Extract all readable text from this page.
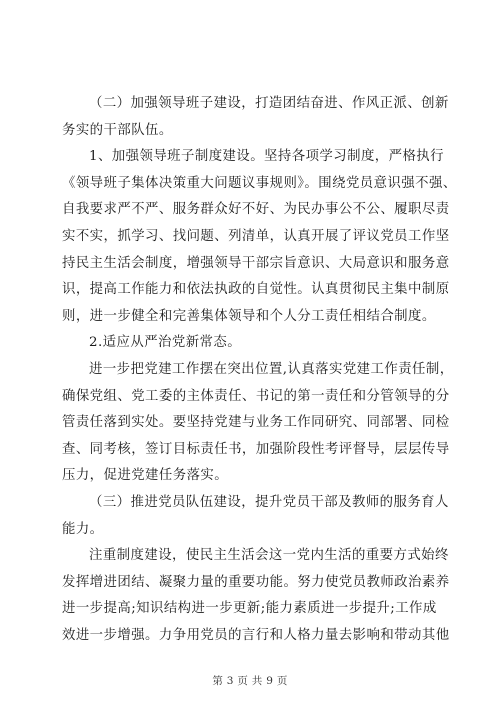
（二）加强领导班子建设，打造团结奋进、作风正派、创新
务实的干部队伍。
1、加强领导班子制度建设。坚持各项学习制度，严格执行
《领导班子集体决策重大问题议事规则》。围绕党员意识强不强、
自我要求严不严、服务群众好不好、为民办事公不公、履职尽责
实不实，抓学习、找问题、列清单，认真开展了评议党员工作坚
持民主生活会制度，增强领导干部宗旨意识、大局意识和服务意
识，提高工作能力和依法执政的自觉性。认真贯彻民主集中制原
则，进一步健全和完善集体领导和个人分工责任相结合制度。
2.适应从严治党新常态。
进一步把党建工作摆在突出位置,认真落实党建工作责任制，
确保党组、党工委的主体责任、书记的第一责任和分管领导的分
管责任落到实处。要坚持党建与业务工作同研究、同部署、同检
查、同考核，签订目标责任书，加强阶段性考评督导，层层传导
压力，促进党建任务落实。
（三）推进党员队伍建设，提升党员干部及教师的服务育人
能力。
注重制度建设，使民主生活会这一党内生活的重要方式始终
发挥增进团结、凝聚力量的重要功能。努力使党员教师政治素养
进一步提高;知识结构进一步更新;能力素质进一步提升;工作成
效进一步增强。力争用党员的言行和人格力量去影响和带动其他
第 3 页 共 9 页
